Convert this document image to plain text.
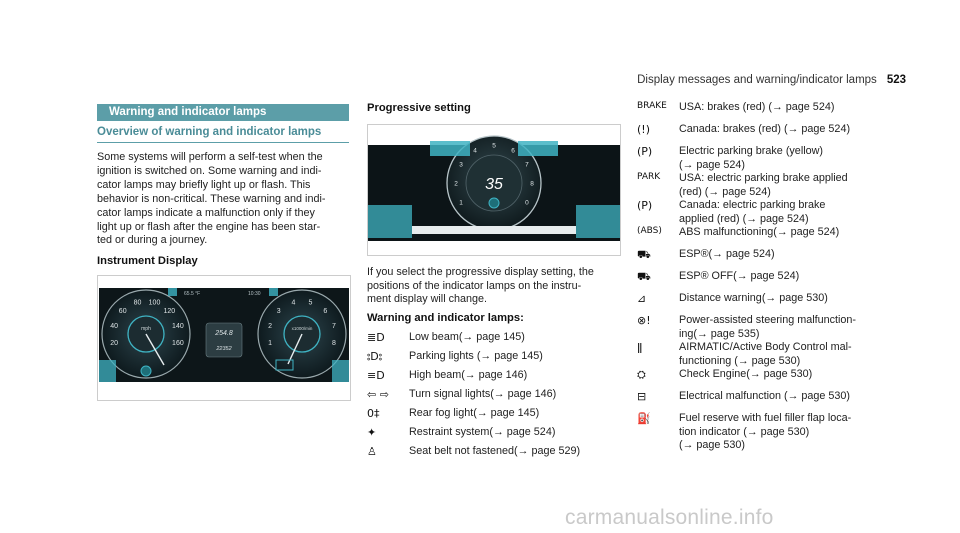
Display messages and warning/indicator lamps 523
Warning and indicator lamps
Overview of warning and indicator lamps
Some systems will perform a self-test when the
ignition is switched on. Some warning and indi-
cator lamps may briefly light up or flash. This
behavior is non-critical. These warning and indi-
cator lamps indicate a malfunction only if they
light up or flash after the engine has been star-
ted or during a journey.
Instrument Display
mph
20
40
60
80 100
120
140
160
x1000/min
1
2
3
4 5
6
7
8
254.8
22352
65.5 °F	10:30
Progressive setting
35
1
2
3
4
5
6
7
8
0
If you select the progressive display setting, the
positions of the indicator lamps on the instru-
ment display will change.
Warning and indicator lamps:
≣D	Low beam(→ page 145)
⦂D⦂	Parking lights (→ page 145)
≡D	High beam(→ page 146)
⇦ ⇨	Turn signal lights(→ page 146)
0‡	Rear fog light(→ page 145)
✦	Restraint system(→ page 524)
♙	Seat belt not fastened(→ page 529)
BRAKE	USA: brakes (red) (→ page 524)
(!)	Canada: brakes (red) (→ page 524)
(P)	Electric parking brake (yellow)
(→ page 524)
PARK	USA: electric parking brake applied
(red) (→ page 524)
(P)	Canada: electric parking brake
applied (red) (→ page 524)
(ABS)	ABS malfunctioning(→ page 524)
⛟	ESP®(→ page 524)
⛟	ESP® OFF(→ page 524)
⊿	Distance warning(→ page 530)
⊗!	Power-assisted steering malfunction-
ing(→ page 535)
ǁ	AIRMATIC/Active Body Control mal-
functioning (→ page 530)
⛭	Check Engine(→ page 530)
⊟	Electrical malfunction (→ page 530)
⛽	Fuel reserve with fuel filler flap loca-
tion indicator (→ page 530)
(→ page 530)
carmanualsonline.info
